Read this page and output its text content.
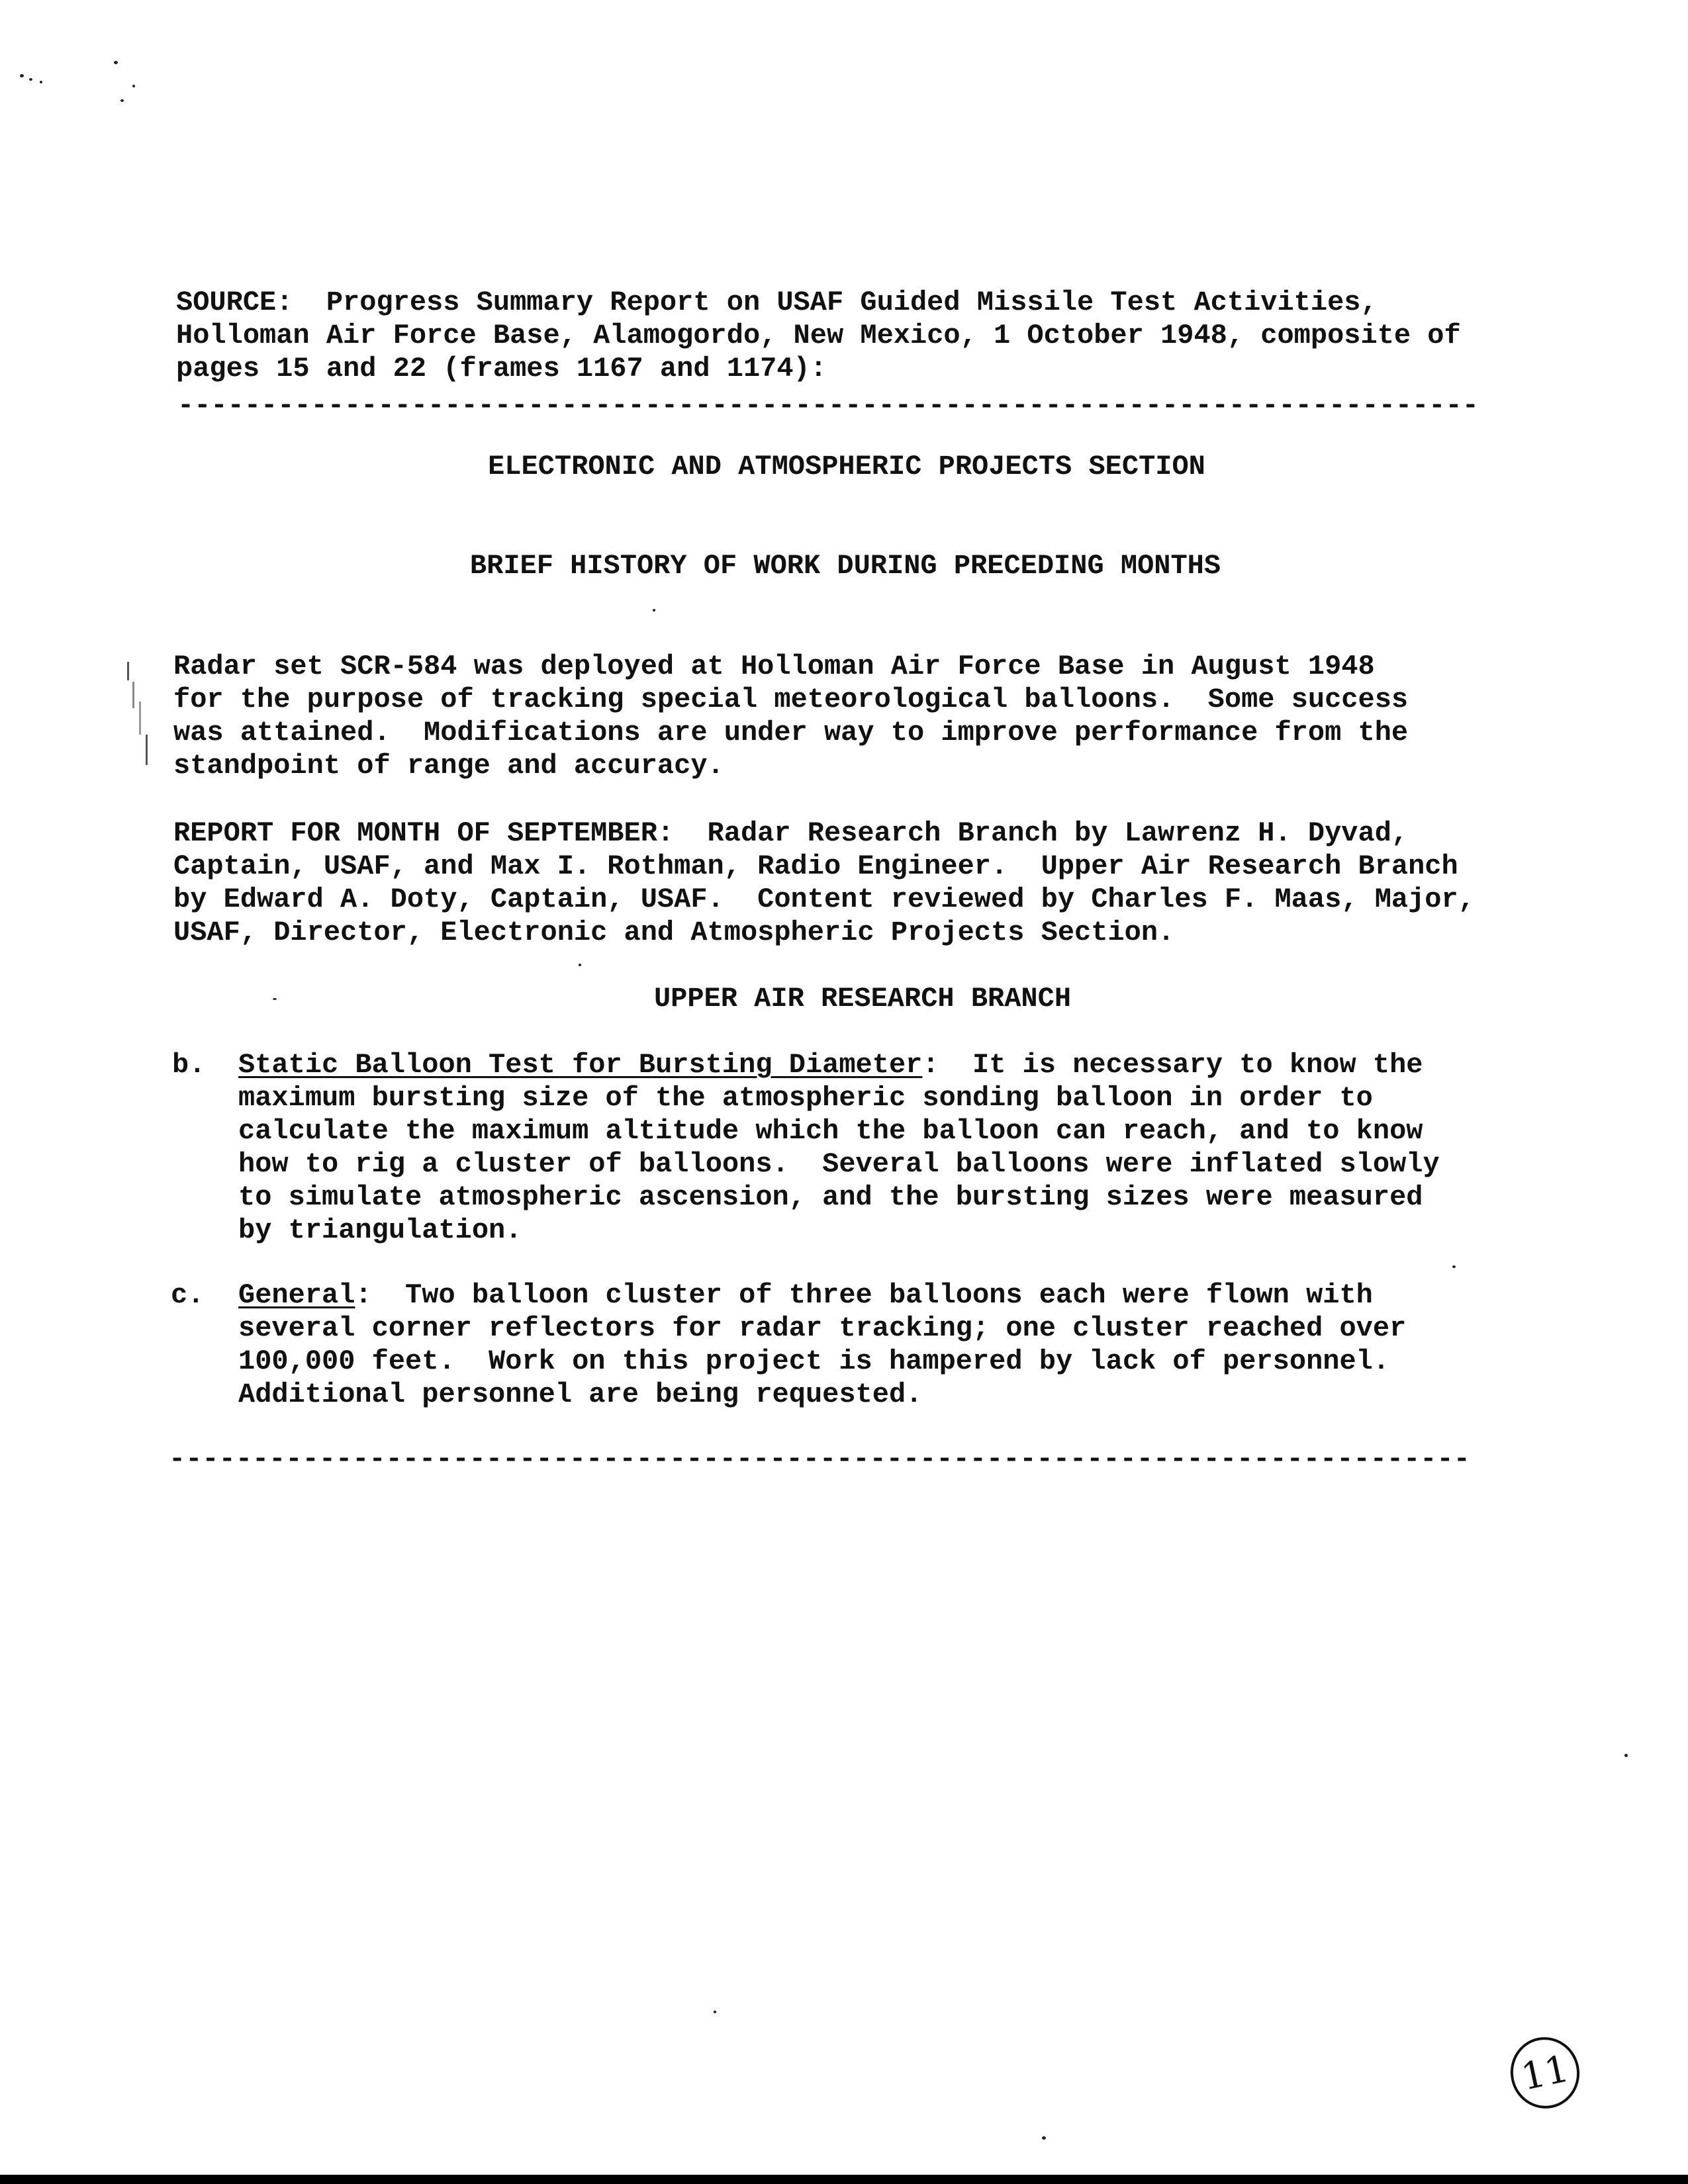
SOURCE:  Progress Summary Report on USAF Guided Missile Test Activities,
Holloman Air Force Base, Alamogordo, New Mexico, 1 October 1948, composite of
pages 15 and 22 (frames 1167 and 1174):
------------------------------------------------------------------------------
ELECTRONIC AND ATMOSPHERIC PROJECTS SECTION
BRIEF HISTORY OF WORK DURING PRECEDING MONTHS
Radar set SCR-584 was deployed at Holloman Air Force Base in August 1948
for the purpose of tracking special meteorological balloons.  Some success
was attained.  Modifications are under way to improve performance from the
standpoint of range and accuracy.
REPORT FOR MONTH OF SEPTEMBER:  Radar Research Branch by Lawrenz H. Dyvad,
Captain, USAF, and Max I. Rothman, Radio Engineer.  Upper Air Research Branch
by Edward A. Doty, Captain, USAF.  Content reviewed by Charles F. Maas, Major,
USAF, Director, Electronic and Atmospheric Projects Section.
UPPER AIR RESEARCH BRANCH
b. Static Balloon Test for Bursting Diameter:  It is necessary to know the
maximum bursting size of the atmospheric sonding balloon in order to
calculate the maximum altitude which the balloon can reach, and to know
how to rig a cluster of balloons.  Several balloons were inflated slowly
to simulate atmospheric ascension, and the bursting sizes were measured
by triangulation.
c. General:  Two balloon cluster of three balloons each were flown with
several corner reflectors for radar tracking; one cluster reached over
100,000 feet.  Work on this project is hampered by lack of personnel.
Additional personnel are being requested.
------------------------------------------------------------------------------
11
